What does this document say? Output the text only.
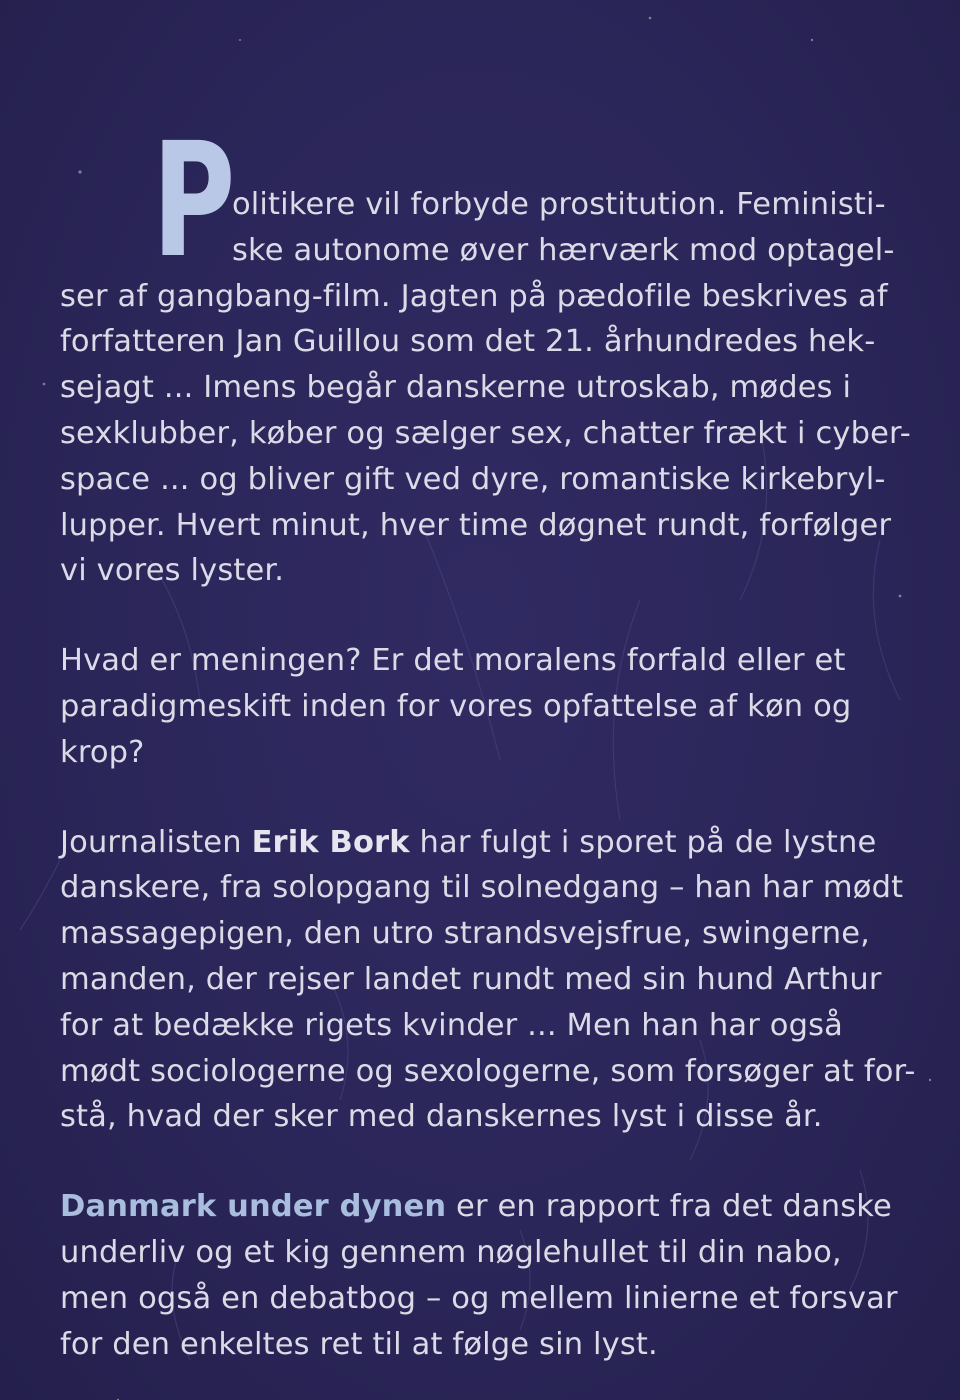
P
olitikere vil forbyde prostitution. Feministi-
ske autonome øver hærværk mod optagel-
ser af gangbang-film. Jagten på pædofile beskrives af
forfatteren Jan Guillou som det 21. århundredes hek-
sejagt ... Imens begår danskerne utroskab, mødes i
sexklubber, køber og sælger sex, chatter frækt i cyber-
space ... og bliver gift ved dyre, romantiske kirkebryl-
lupper. Hvert minut, hver time døgnet rundt, forfølger
vi vores lyster.
Hvad er meningen? Er det moralens forfald eller et
paradigmeskift inden for vores opfattelse af køn og
krop?
Journalisten Erik Bork har fulgt i sporet på de lystne
danskere, fra solopgang til solnedgang – han har mødt
massagepigen, den utro strandsvejsfrue, swingerne,
manden, der rejser landet rundt med sin hund Arthur
for at bedække rigets kvinder ... Men han har også
mødt sociologerne og sexologerne, som forsøger at for-
stå, hvad der sker med danskernes lyst i disse år.
Danmark under dynen er en rapport fra det danske
underliv og et kig gennem nøglehullet til din nabo,
men også en debatbog – og mellem linierne et forsvar
for den enkeltes ret til at følge sin lyst.
